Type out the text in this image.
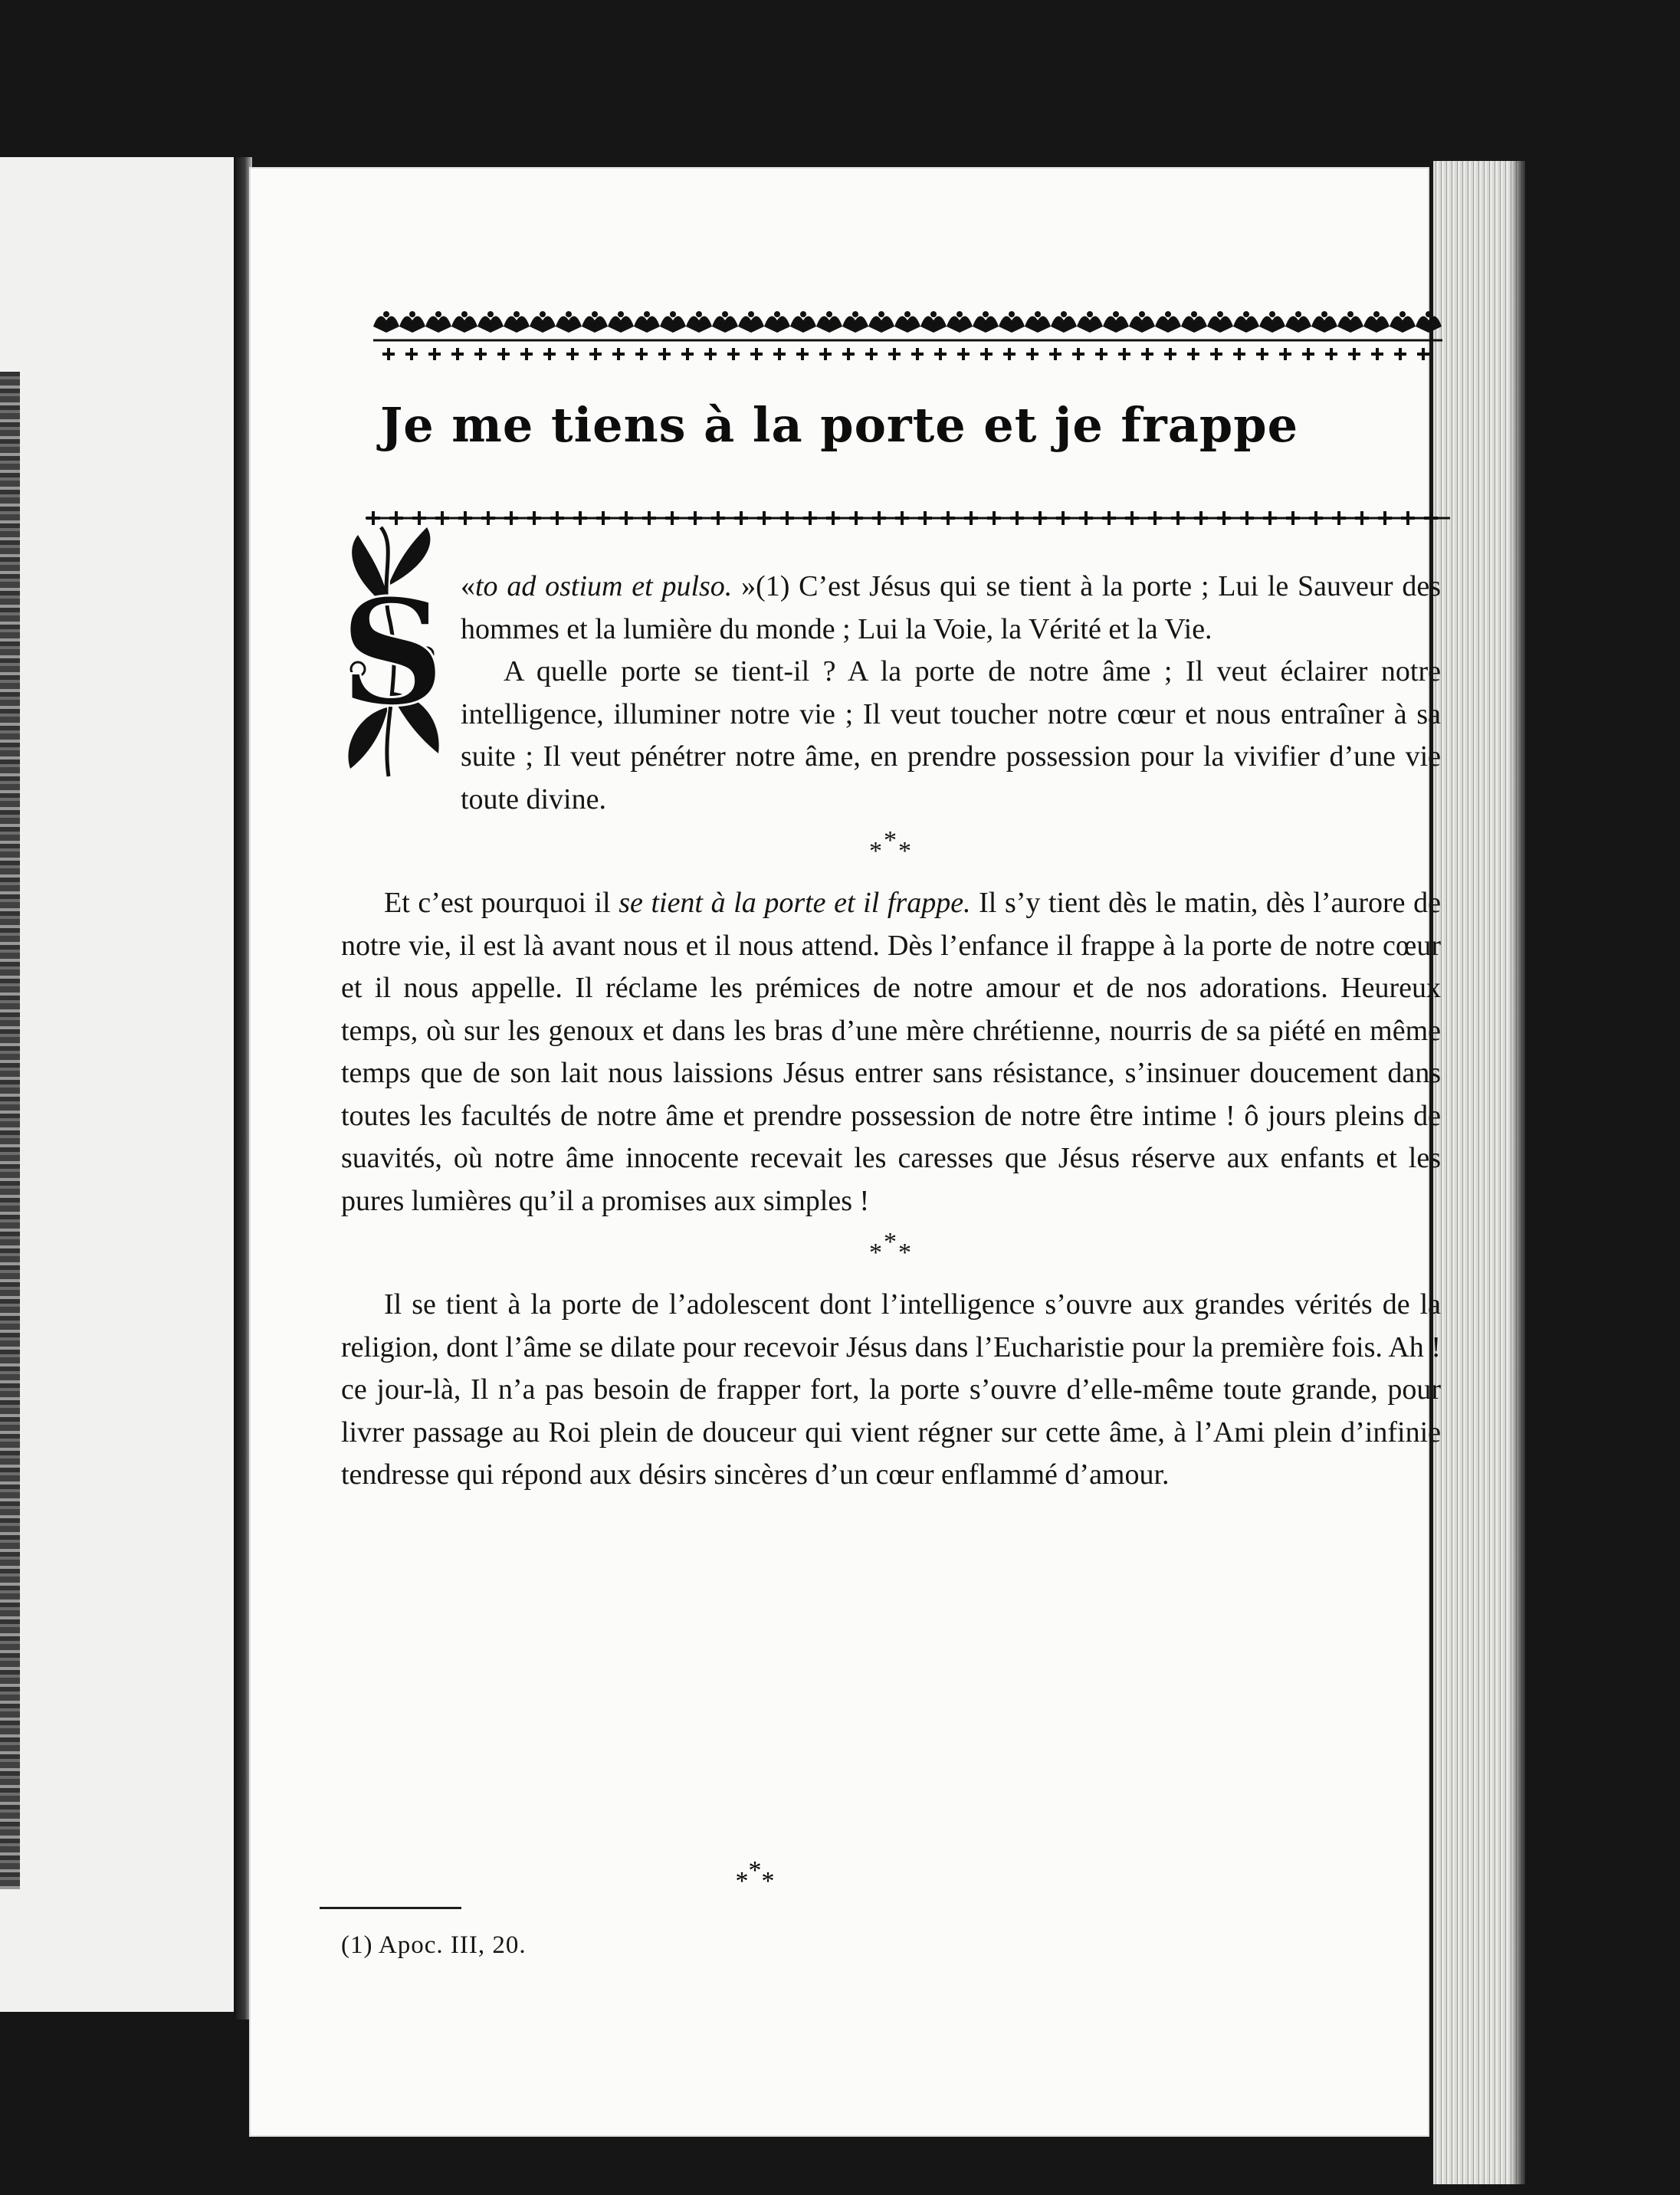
Je me tiens à la porte et je frappe
S «to ad ostium et pulso. »(1) C’est Jésus qui se tient à la porte ; Lui le Sauveur des hommes et la lumière du monde ; Lui la Voie, la Vérité et la Vie.

A quelle porte se tient-il ? A la porte de notre âme ; Il veut éclairer notre intelligence, illuminer notre vie ; Il veut toucher notre cœur et nous entraîner à sa suite ; Il veut pénétrer notre âme, en prendre possession pour la vivifier d’une vie toute divine.

***

Et c’est pourquoi il se tient à la porte et il frappe. Il s’y tient dès le matin, dès l’aurore de notre vie, il est là avant nous et il nous attend. Dès l’enfance il frappe à la porte de notre cœur et il nous appelle. Il réclame les prémices de notre amour et de nos adorations. Heureux temps, où sur les genoux et dans les bras d’une mère chrétienne, nourris de sa piété en même temps que de son lait nous laissions Jésus entrer sans résistance, s’insinuer doucement dans toutes les facultés de notre âme et prendre possession de notre être intime ! ô jours pleins de suavités, où notre âme innocente recevait les caresses que Jésus réserve aux enfants et les pures lumières qu’il a promises aux simples !

***

Il se tient à la porte de l’adolescent dont l’intelligence s’ouvre aux grandes vérités de la religion, dont l’âme se dilate pour recevoir Jésus dans l’Eucharistie pour la première fois. Ah ! ce jour-là, Il n’a pas besoin de frapper fort, la porte s’ouvre d’elle-même toute grande, pour livrer passage au Roi plein de douceur qui vient régner sur cette âme, à l’Ami plein d’infinie tendresse qui répond aux désirs sincères d’un cœur enflammé d’amour.

***
(1) Apoc. III, 20.
